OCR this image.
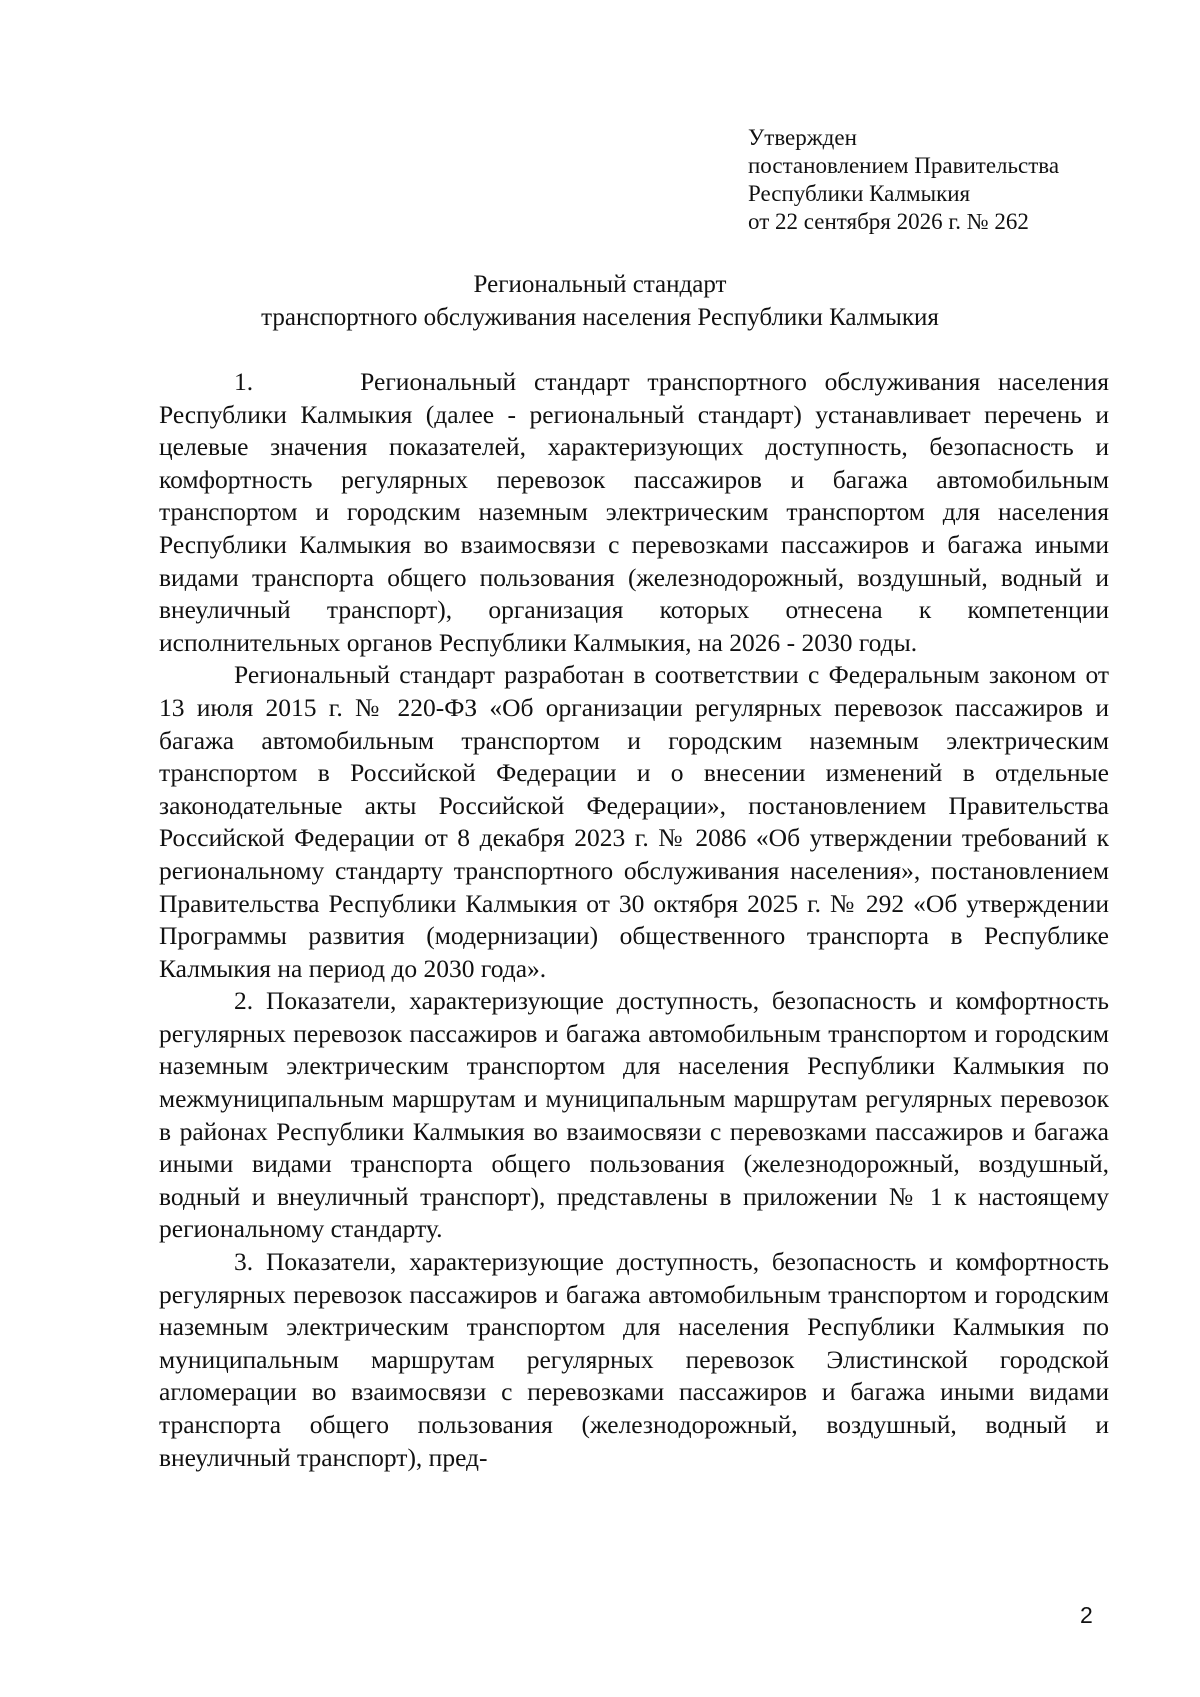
Утвержден
постановлением Правительства
Республики Калмыкия
от 22 сентября 2026 г. № 262
Региональный стандарт
транспортного обслуживания населения Республики Калмыкия

1.      Региональный стандарт транспортного обслуживания населения Республики Калмыкия (далее - региональный стандарт) устанавливает перечень и целевые значения показателей, характеризующих доступность, безопасность и комфортность регулярных перевозок пассажиров и багажа автомобильным транспортом и городским наземным электрическим транспортом для населения Республики Калмыкия во взаимосвязи с перевозками пассажиров и багажа иными видами транспорта общего пользования (железнодорожный, воздушный, водный и внеуличный транспорт), организация которых отнесена к компетенции исполнительных органов Республики Калмыкия, на 2026 - 2030 годы.

Региональный стандарт разработан в соответствии с Федеральным законом от 13 июля 2015 г. № 220-ФЗ «Об организации регулярных перевозок пассажиров и багажа автомобильным транспортом и городским наземным электрическим транспортом в Российской Федерации и о внесении изменений в отдельные законодательные акты Российской Федерации», постановлением Правительства Российской Федерации от 8 декабря 2023 г. № 2086 «Об утверждении требований к региональному стандарту транспортного обслуживания населения», постановлением Правительства Республики Калмыкия от 30 октября 2025 г. № 292 «Об утверждении Программы развития (модернизации) общественного транспорта в Республике Калмыкия на период до 2030 года».

2. Показатели, характеризующие доступность, безопасность и комфортность регулярных перевозок пассажиров и багажа автомобильным транспортом и городским наземным электрическим транспортом для населения Республики Калмыкия по межмуниципальным маршрутам и муниципальным маршрутам регулярных перевозок в районах Республики Калмыкия во взаимосвязи с перевозками пассажиров и багажа иными видами транспорта общего пользования (железнодорожный, воздушный, водный и внеуличный транспорт), представлены в приложении № 1 к настоящему региональному стандарту.

3. Показатели, характеризующие доступность, безопасность и комфортность регулярных перевозок пассажиров и багажа автомобильным транспортом и городским наземным электрическим транспортом для населения Республики Калмыкия по муниципальным маршрутам регулярных перевозок Элистинской городской агломерации во взаимосвязи с перевозками пассажиров и багажа иными видами транспорта общего пользования (железнодорожный, воздушный, водный и внеуличный транспорт), пред-

2
